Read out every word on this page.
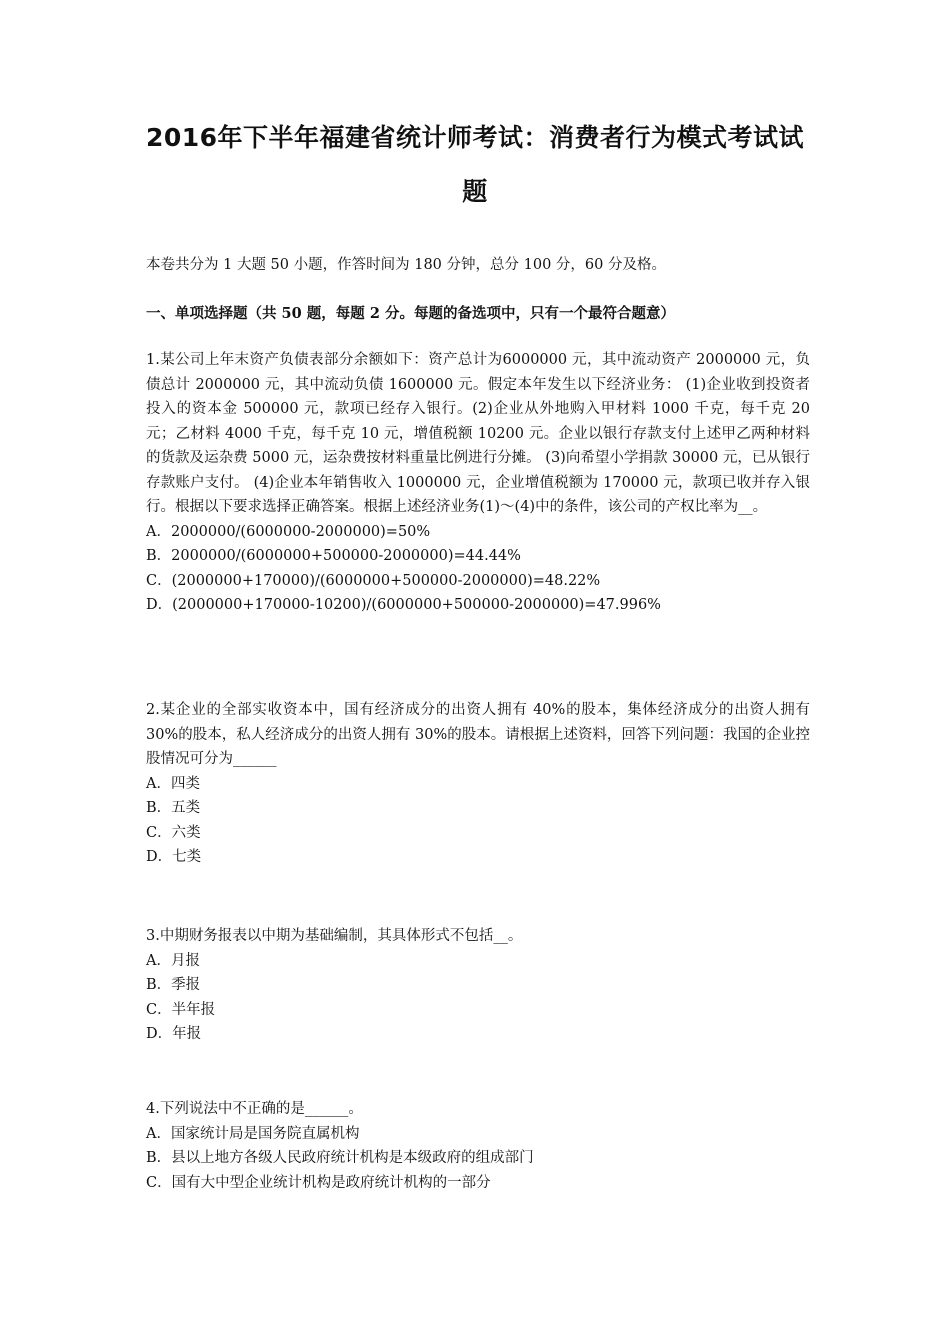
2016年下半年福建省统计师考试：消费者行为模式考试试
题

本卷共分为 1 大题 50 小题，作答时间为 180 分钟，总分 100 分，60 分及格。

一、单项选择题（共 50 题，每题 2 分。每题的备选项中，只有一个最符合题意）

1.某公司上年末资产负债表部分余额如下：资产总计为6000000 元，其中流动资产 2000000 元，负债总计 2000000 元，其中流动负债 1600000 元。假定本年发生以下经济业务： (1)企业收到投资者投入的资本金 500000 元，款项已经存入银行。(2)企业从外地购入甲材料 1000 千克，每千克 20 元；乙材料 4000 千克，每千克 10 元，增值税额 10200 元。企业以银行存款支付上述甲乙两种材料的货款及运杂费 5000 元，运杂费按材料重量比例进行分摊。 (3)向希望小学捐款 30000 元，已从银行存款账户支付。 (4)企业本年销售收入 1000000 元，企业增值税额为 170000 元，款项已收并存入银行。根据以下要求选择正确答案。根据上述经济业务(1)～(4)中的条件，该公司的产权比率为__。

A．2000000/(6000000-2000000)=50%

B．2000000/(6000000+500000-2000000)=44.44%

C．(2000000+170000)/(6000000+500000-2000000)=48.22%

D．(2000000+170000-10200)/(6000000+500000-2000000)=47.996%

2.某企业的全部实收资本中，国有经济成分的出资人拥有 40%的股本，集体经济成分的出资人拥有 30%的股本，私人经济成分的出资人拥有 30%的股本。请根据上述资料，回答下列问题：我国的企业控股情况可分为______

A．四类

B．五类

C．六类

D．七类

3.中期财务报表以中期为基础编制，其具体形式不包括__。

A．月报

B．季报

C．半年报

D．年报

4.下列说法中不正确的是______。

A．国家统计局是国务院直属机构

B．县以上地方各级人民政府统计机构是本级政府的组成部门

C．国有大中型企业统计机构是政府统计机构的一部分
